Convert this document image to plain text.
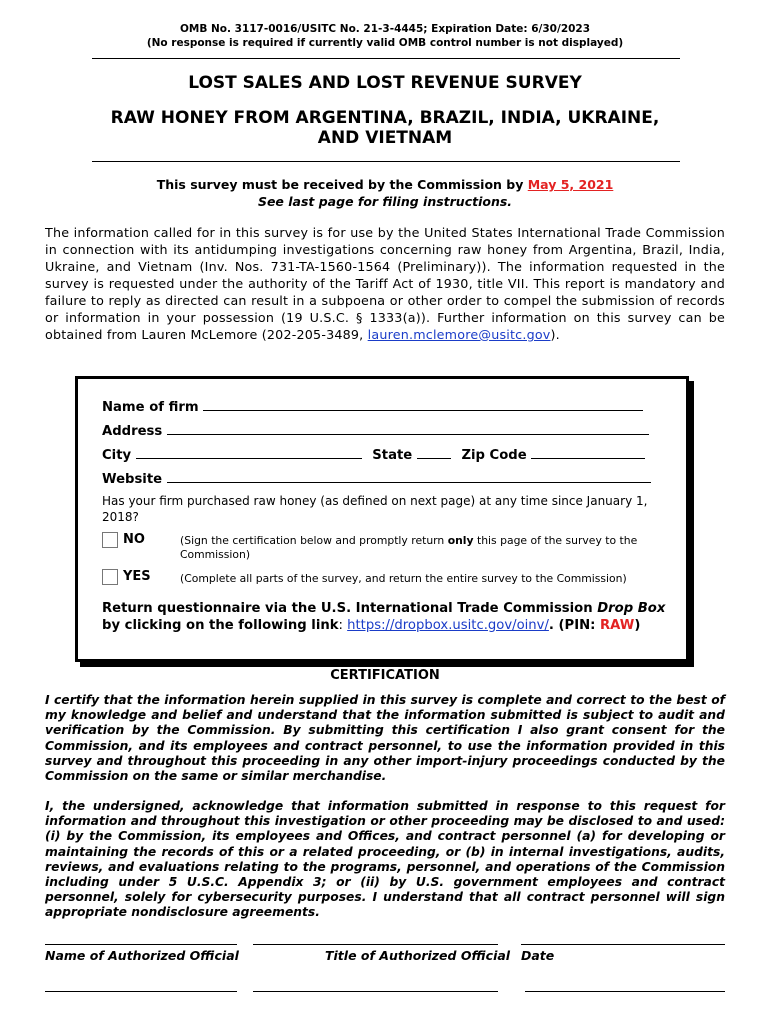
OMB No. 3117-0016/USITC No. 21-3-4445; Expiration Date: 6/30/2023
(No response is required if currently valid OMB control number is not displayed)
LOST SALES AND LOST REVENUE SURVEY
RAW HONEY FROM ARGENTINA, BRAZIL, INDIA, UKRAINE,
AND VIETNAM
This survey must be received by the Commission by May 5, 2021
See last page for filing instructions.
The information called for in this survey is for use by the United States International Trade Commission in connection with its antidumping investigations concerning raw honey from Argentina, Brazil, India, Ukraine, and Vietnam (Inv. Nos. 731-TA-1560-1564 (Preliminary)). The information requested in the survey is requested under the authority of the Tariff Act of 1930, title VII. This report is mandatory and failure to reply as directed can result in a subpoena or other order to compel the submission of records or information in your possession (19 U.S.C. § 1333(a)). Further information on this survey can be obtained from Lauren McLemore (202-205-3489, lauren.mclemore@usitc.gov).
Name of firm
Address
City	State	Zip Code
Website
Has your firm purchased raw honey (as defined on next page) at any time since January 1, 2018?
NO	(Sign the certification below and promptly return only this page of the survey to the Commission)
YES	(Complete all parts of the survey, and return the entire survey to the Commission)
Return questionnaire via the U.S. International Trade Commission Drop Box by clicking on the following link: https://dropbox.usitc.gov/oinv/. (PIN: RAW)
CERTIFICATION
I certify that the information herein supplied in this survey is complete and correct to the best of my knowledge and belief and understand that the information submitted is subject to audit and verification by the Commission. By submitting this certification I also grant consent for the Commission, and its employees and contract personnel, to use the information provided in this survey and throughout this proceeding in any other import-injury proceedings conducted by the Commission on the same or similar merchandise.
I, the undersigned, acknowledge that information submitted in response to this request for information and throughout this investigation or other proceeding may be disclosed to and used: (i) by the Commission, its employees and Offices, and contract personnel (a) for developing or maintaining the records of this or a related proceeding, or (b) in internal investigations, audits, reviews, and evaluations relating to the programs, personnel, and operations of the Commission including under 5 U.S.C. Appendix 3; or (ii) by U.S. government employees and contract personnel, solely for cybersecurity purposes. I understand that all contract personnel will sign appropriate nondisclosure agreements.
Name of Authorized Official	Title of Authorized Official Date
